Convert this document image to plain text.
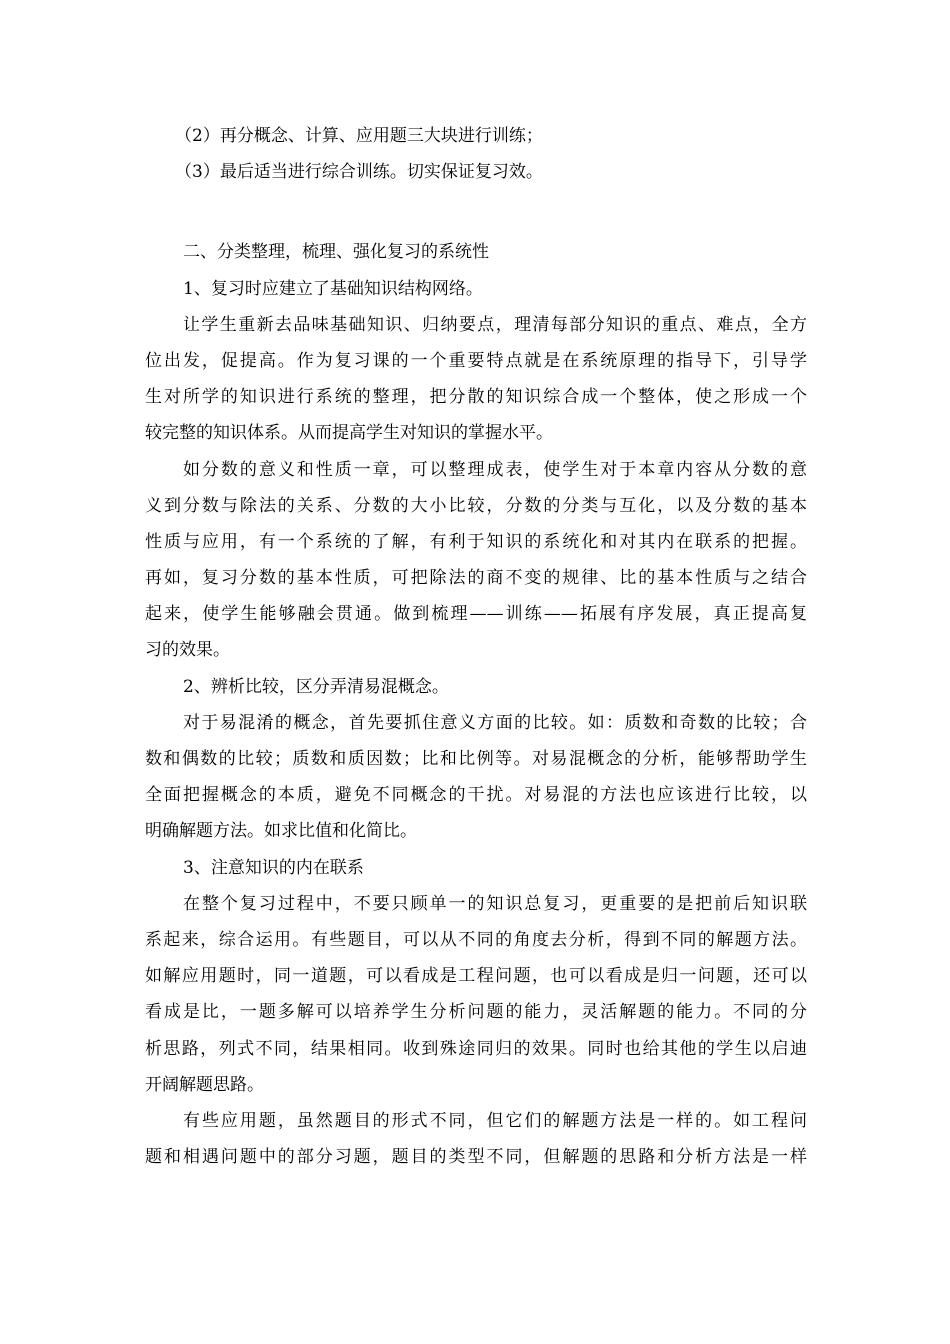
（2）再分概念、计算、应用题三大块进行训练；
（3）最后适当进行综合训练。切实保证复习效。
二、分类整理，梳理、强化复习的系统性
1、复习时应建立了基础知识结构网络。
让学生重新去品味基础知识、归纳要点，理清每部分知识的重点、难点，全方
位出发，促提高。作为复习课的一个重要特点就是在系统原理的指导下，引导学
生对所学的知识进行系统的整理，把分散的知识综合成一个整体，使之形成一个
较完整的知识体系。从而提高学生对知识的掌握水平。
如分数的意义和性质一章，可以整理成表，使学生对于本章内容从分数的意
义到分数与除法的关系、分数的大小比较，分数的分类与互化，以及分数的基本
性质与应用，有一个系统的了解，有利于知识的系统化和对其内在联系的把握。
再如，复习分数的基本性质，可把除法的商不变的规律、比的基本性质与之结合
起来，使学生能够融会贯通。做到梳理——训练——拓展有序发展，真正提高复
习的效果。
2、辨析比较，区分弄清易混概念。
对于易混淆的概念，首先要抓住意义方面的比较。如：质数和奇数的比较；合
数和偶数的比较；质数和质因数；比和比例等。对易混概念的分析，能够帮助学生
全面把握概念的本质，避免不同概念的干扰。对易混的方法也应该进行比较，以
明确解题方法。如求比值和化简比。
3、注意知识的内在联系
在整个复习过程中，不要只顾单一的知识总复习，更重要的是把前后知识联
系起来，综合运用。有些题目，可以从不同的角度去分析，得到不同的解题方法。
如解应用题时，同一道题，可以看成是工程问题，也可以看成是归一问题，还可以
看成是比，一题多解可以培养学生分析问题的能力，灵活解题的能力。不同的分
析思路，列式不同，结果相同。收到殊途同归的效果。同时也给其他的学生以启迪
开阔解题思路。
有些应用题，虽然题目的形式不同，但它们的解题方法是一样的。如工程问
题和相遇问题中的部分习题，题目的类型不同，但解题的思路和分析方法是一样
